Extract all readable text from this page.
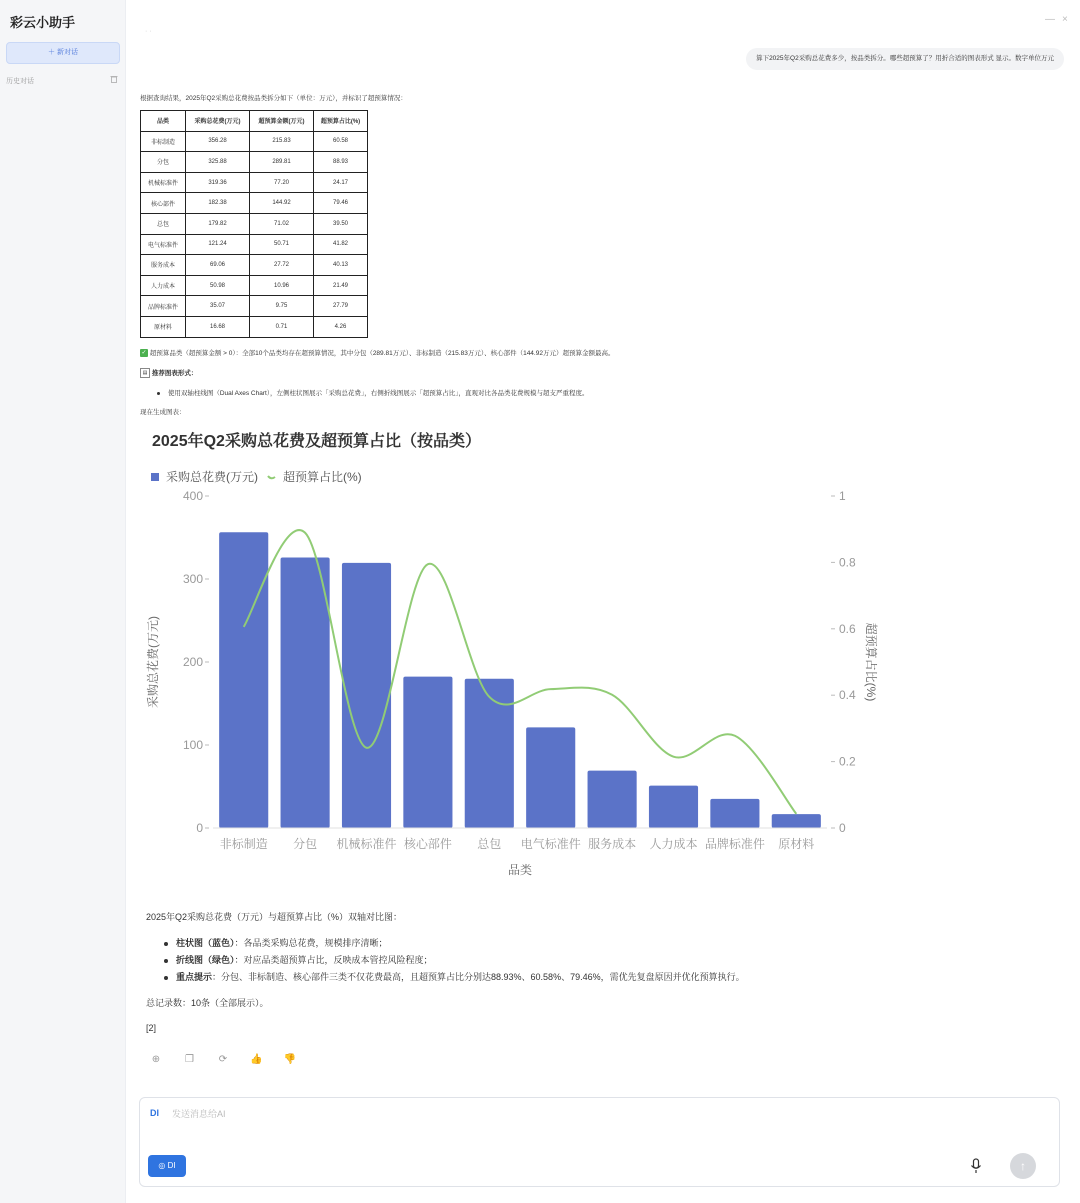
彩云小助手
＋ 新对话
历史对话
— ×
· ·
算下2025年Q2采购总花费多少，按品类拆分。哪些超预算了？用折合适的图表形式 显示。数字单位万元
根据查询结果，2025年Q2采购总花费按品类拆分如下（单位：万元），并标识了超预算情况：
品类	采购总花费(万元)	超预算金额(万元)	超预算占比(%)
非标制造	356.28	215.83	60.58
分包	325.88	289.81	88.93
机械标准件	319.36	77.20	24.17
核心部件	182.38	144.92	79.46
总包	179.82	71.02	39.50
电气标准件	121.24	50.71	41.82
服务成本	69.06	27.72	40.13
人力成本	50.98	10.96	21.49
品牌标准件	35.07	9.75	27.79
原材料	16.68	0.71	4.26
✓ 超预算品类（超预算金额 > 0）：全部10个品类均存在超预算情况，其中分包（289.81万元）、非标制造（215.83万元）、核心部件（144.92万元）超预算金额最高。
▤ 推荐图表形式：
使用双轴柱线图（Dual Axes Chart），左侧柱状图展示「采购总花费」，右侧折线图展示「超预算占比」，直观对比各品类花费规模与超支严重程度。
现在生成图表：
2025年Q2采购总花费及超预算占比（按品类）
采购总花费(万元) 超预算占比(%)
0
100
200
300
400
0
0.2
0.4
0.6
0.8
1
非标制造 分包 机械标准件 核心部件 总包 电气标准件 服务成本 人力成本 品牌标准件 原材料
采购总花费(万元)	超预算占比(%)
品类
2025年Q2采购总花费（万元）与超预算占比（%）双轴对比图：
柱状图（蓝色）：各品类采购总花费，规模排序清晰；
折线图（绿色）：对应品类超预算占比，反映成本管控风险程度；
重点提示：分包、非标制造、核心部件三类不仅花费最高，且超预算占比分别达88.93%、60.58%、79.46%，需优先复盘原因并优化预算执行。
总记录数：10条（全部展示）。
[2]
⊕ ❐ ⟳ 👍 👎
DI
发送消息给AI
◎ DI	↑
